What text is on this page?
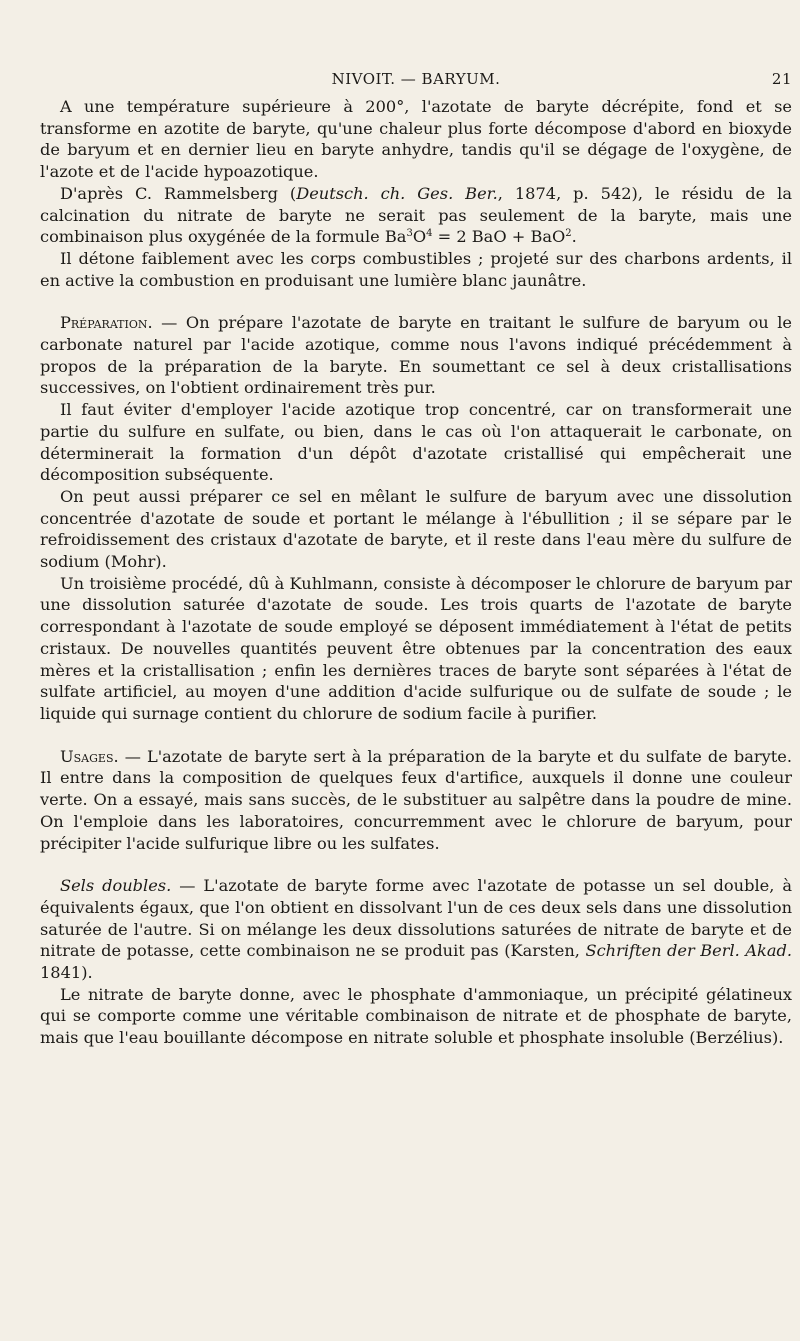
NIVOIT. — BARYUM.	21

A une température supérieure à 200°, l'azotate de baryte décrépite, fond et se transforme en azotite de baryte, qu'une chaleur plus forte décompose d'abord en bioxyde de baryum et en dernier lieu en baryte anhydre, tandis qu'il se dégage de l'oxygène, de l'azote et de l'acide hypoazotique.

D'après C. Rammelsberg (Deutsch. ch. Ges. Ber., 1874, p. 542), le résidu de la calcination du nitrate de baryte ne serait pas seulement de la baryte, mais une combinaison plus oxygénée de la formule $Ba^3O^4 = 2$ BaO + BaO$^2$.

Il détone faiblement avec les corps combustibles ; projeté sur des charbons ardents, il en active la combustion en produisant une lumière blanc jaunâtre.

Préparation. — On prépare l'azotate de baryte en traitant le sulfure de baryum ou le carbonate naturel par l'acide azotique, comme nous l'avons indiqué précédemment à propos de la préparation de la baryte. En soumettant ce sel à deux cristallisations successives, on l'obtient ordinairement très pur.

Il faut éviter d'employer l'acide azotique trop concentré, car on transformerait une partie du sulfure en sulfate, ou bien, dans le cas où l'on attaquerait le carbonate, on déterminerait la formation d'un dépôt d'azotate cristallisé qui empêcherait une décomposition subséquente.

On peut aussi préparer ce sel en mêlant le sulfure de baryum avec une dissolution concentrée d'azotate de soude et portant le mélange à l'ébullition ; il se sépare par le refroidissement des cristaux d'azotate de baryte, et il reste dans l'eau mère du sulfure de sodium (Mohr).

Un troisième procédé, dû à Kuhlmann, consiste à décomposer le chlorure de baryum par une dissolution saturée d'azotate de soude. Les trois quarts de l'azotate de baryte correspondant à l'azotate de soude employé se déposent immédiatement à l'état de petits cristaux. De nouvelles quantités peuvent être obtenues par la concentration des eaux mères et la cristallisation ; enfin les dernières traces de baryte sont séparées à l'état de sulfate artificiel, au moyen d'une addition d'acide sulfurique ou de sulfate de soude ; le liquide qui surnage contient du chlorure de sodium facile à purifier.

Usages. — L'azotate de baryte sert à la préparation de la baryte et du sulfate de baryte. Il entre dans la composition de quelques feux d'artifice, auxquels il donne une couleur verte. On a essayé, mais sans succès, de le substituer au salpêtre dans la poudre de mine. On l'emploie dans les laboratoires, concurremment avec le chlorure de baryum, pour précipiter l'acide sulfurique libre ou les sulfates.

Sels doubles. — L'azotate de baryte forme avec l'azotate de potasse un sel double, à équivalents égaux, que l'on obtient en dissolvant l'un de ces deux sels dans une dissolution saturée de l'autre. Si on mélange les deux dissolutions saturées de nitrate de baryte et de nitrate de potasse, cette combinaison ne se produit pas (Karsten, Schriften der Berl. Akad. 1841).

Le nitrate de baryte donne, avec le phosphate d'ammoniaque, un précipité gélatineux qui se comporte comme une véritable combinaison de nitrate et de phosphate de baryte, mais que l'eau bouillante décompose en nitrate soluble et phosphate insoluble (Berzélius).
